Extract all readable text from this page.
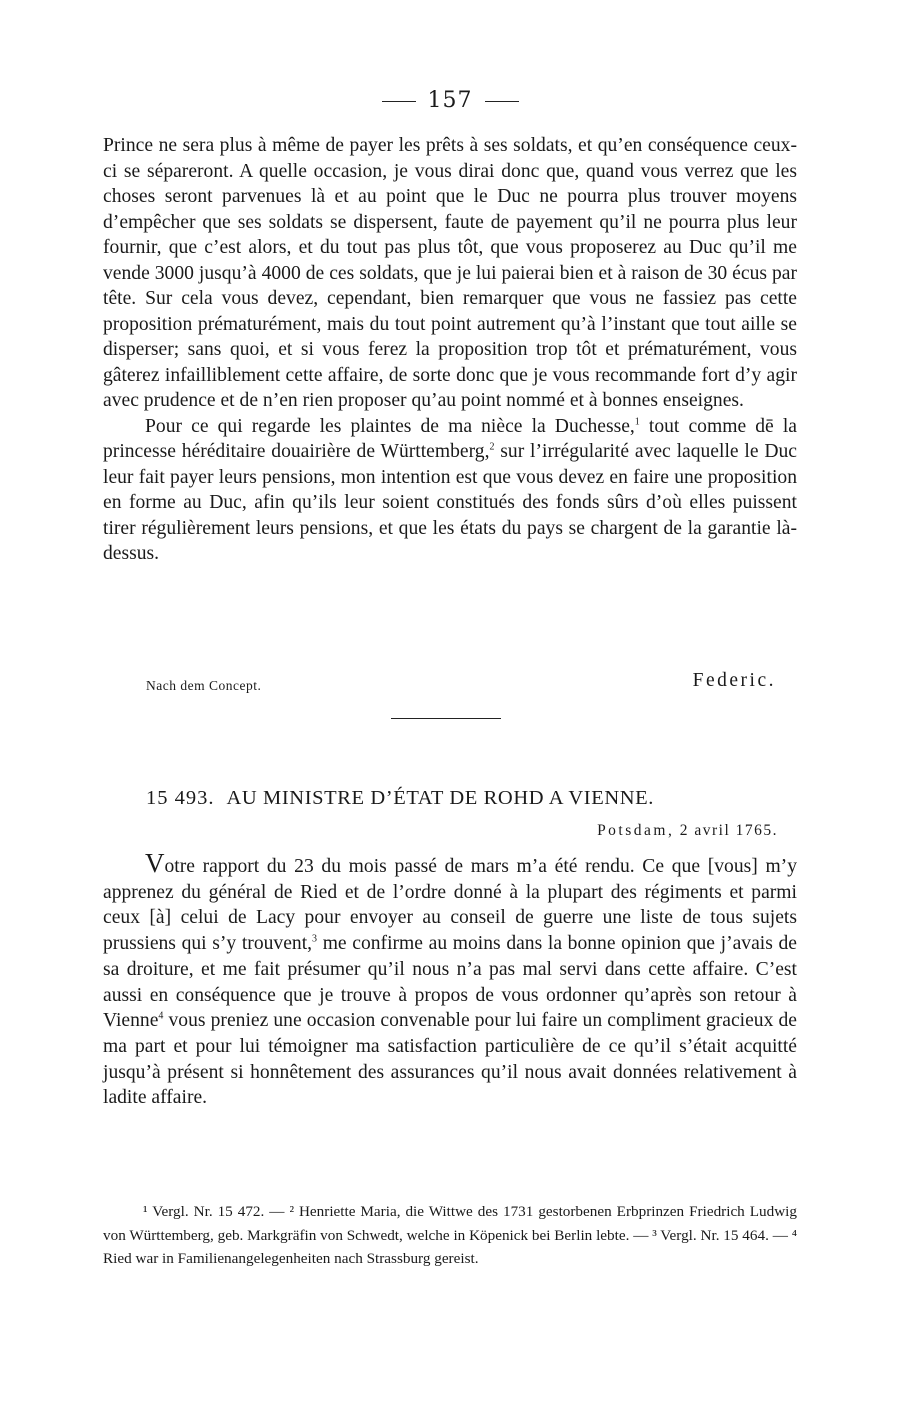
157

Prince ne sera plus à même de payer les prêts à ses soldats, et qu’en conséquence ceux-ci se sépareront. A quelle occasion, je vous dirai donc que, quand vous verrez que les choses seront parvenues là et au point que le Duc ne pourra plus trouver moyens d’empêcher que ses soldats se dispersent, faute de payement qu’il ne pourra plus leur fournir, que c’est alors, et du tout pas plus tôt, que vous proposerez au Duc qu’il me vende 3000 jusqu’à 4000 de ces soldats, que je lui paierai bien et à raison de 30 écus par tête. Sur cela vous devez, cependant, bien remarquer que vous ne fassiez pas cette proposition prématurément, mais du tout point autrement qu’à l’instant que tout aille se disperser; sans quoi, et si vous ferez la proposition trop tôt et prématurément, vous gâterez infailliblement cette affaire, de sorte donc que je vous recommande fort d’y agir avec prudence et de n’en rien proposer qu’au point nommé et à bonnes enseignes.

Pour ce qui regarde les plaintes de ma nièce la Duchesse,$^1$ tout comme dē la princesse héréditaire douairière de Württemberg,$^2$ sur l’irrégularité avec laquelle le Duc leur fait payer leurs pensions, mon intention est que vous devez en faire une proposition en forme au Duc, afin qu’ils leur soient constitués des fonds sûrs d’où elles puissent tirer régulièrement leurs pensions, et que les états du pays se chargent de la garantie là-dessus.

Nach dem Concept.	Federic.
15 493. AU MINISTRE D’ÉTAT DE ROHD A VIENNE.
Potsdam, 2 avril 1765.

Votre rapport du 23 du mois passé de mars m’a été rendu. Ce que [vous] m’y apprenez du général de Ried et de l’ordre donné à la plupart des régiments et parmi ceux [à] celui de Lacy pour envoyer au conseil de guerre une liste de tous sujets prussiens qui s’y trouvent,$^3$ me confirme au moins dans la bonne opinion que j’avais de sa droiture, et me fait présumer qu’il nous n’a pas mal servi dans cette affaire. C’est aussi en conséquence que je trouve à propos de vous ordonner qu’après son retour à Vienne$^4$ vous preniez une occasion convenable pour lui faire un compliment gracieux de ma part et pour lui témoigner ma satisfaction particulière de ce qu’il s’était acquitté jusqu’à présent si honnêtement des assurances qu’il nous avait données relativement à ladite affaire.

¹ Vergl. Nr. 15 472. — ² Henriette Maria, die Wittwe des 1731 gestorbenen Erbprinzen Friedrich Ludwig von Württemberg, geb. Markgräfin von Schwedt, welche in Köpenick bei Berlin lebte. — ³ Vergl. Nr. 15 464. — ⁴ Ried war in Familienangelegenheiten nach Strassburg gereist.
